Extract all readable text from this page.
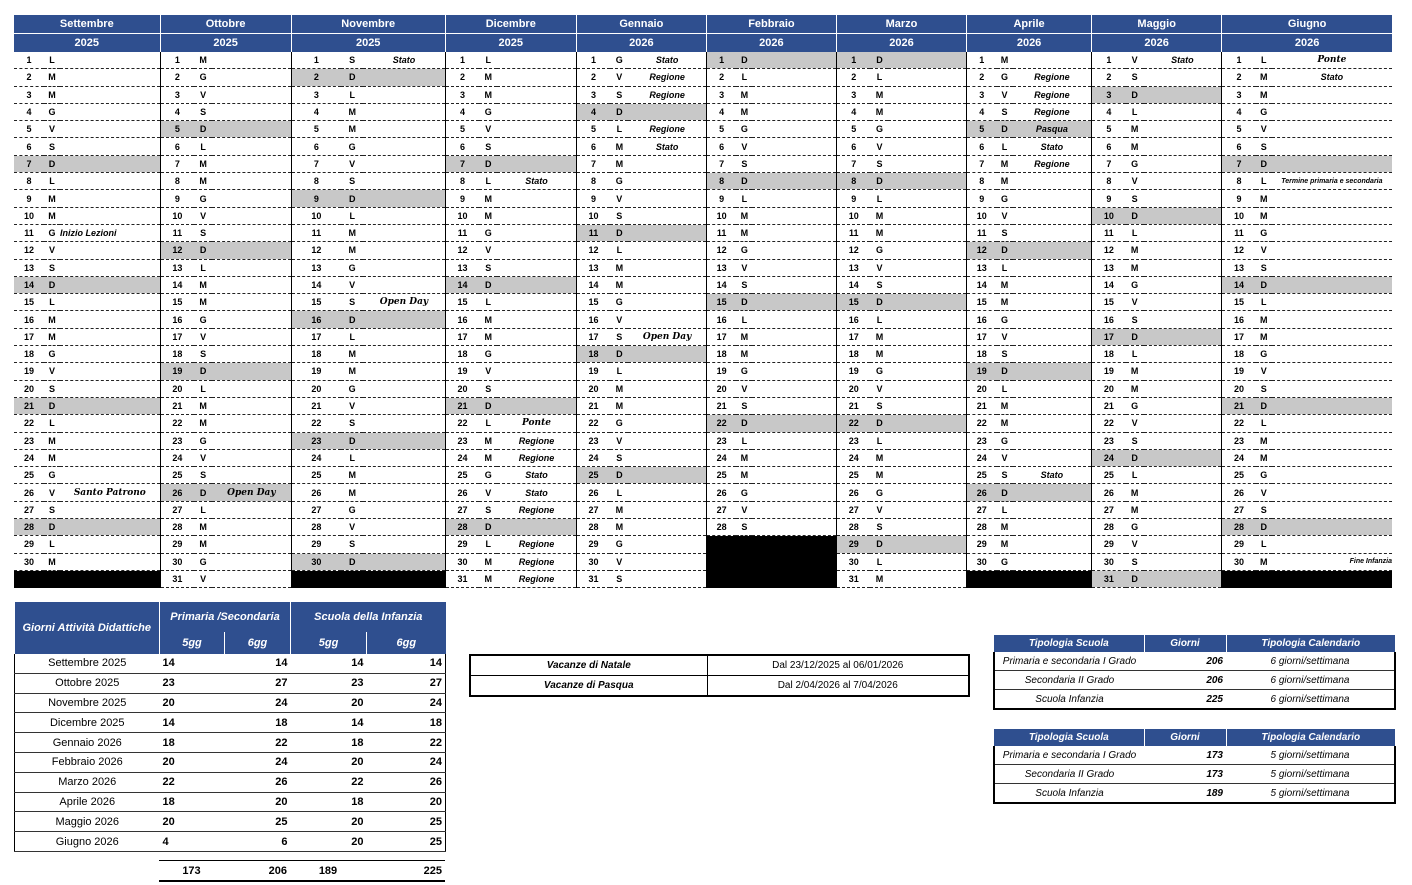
Settembre			Ottobre			Novembre			Dicembre			Gennaio			Febbraio			Marzo			Aprile			Maggio			Giugno		
2025			2025			2025			2025			2026			2026			2026			2026			2026			2026		
1	L		1	M		1	S	Stato	1	L		1	G	Stato	1	D		1	D		1	M		1	V	Stato	1	L	Ponte
2	M		2	G		2	D		2	M		2	V	Regione	2	L		2	L		2	G	Regione	2	S		2	M	Stato
3	M		3	V		3	L		3	M		3	S	Regione	3	M		3	M		3	V	Regione	3	D		3	M	
4	G		4	S		4	M		4	G		4	D		4	M		4	M		4	S	Regione	4	L		4	G	
5	V		5	D		5	M		5	V		5	L	Regione	5	G		5	G		5	D	Pasqua	5	M		5	V	
6	S		6	L		6	G		6	S		6	M	Stato	6	V		6	V		6	L	Stato	6	M		6	S	
7	D		7	M		7	V		7	D		7	M		7	S		7	S		7	M	Regione	7	G		7	D	
8	L		8	M		8	S		8	L	Stato	8	G		8	D		8	D		8	M		8	V		8	L	Termine primaria e secondaria
9	M		9	G		9	D		9	M		9	V		9	L		9	L		9	G		9	S		9	M	
10	M		10	V		10	L		10	M		10	S		10	M		10	M		10	V		10	D		10	M	
11	G	Inizio Lezioni	11	S		11	M		11	G		11	D		11	M		11	M		11	S		11	L		11	G	
12	V		12	D		12	M		12	V		12	L		12	G		12	G		12	D		12	M		12	V	
13	S		13	L		13	G		13	S		13	M		13	V		13	V		13	L		13	M		13	S	
14	D		14	M		14	V		14	D		14	M		14	S		14	S		14	M		14	G		14	D	
15	L		15	M		15	S	Open Day	15	L		15	G		15	D		15	D		15	M		15	V		15	L	
16	M		16	G		16	D		16	M		16	V		16	L		16	L		16	G		16	S		16	M	
17	M		17	V		17	L		17	M		17	S	Open Day	17	M		17	M		17	V		17	D		17	M	
18	G		18	S		18	M		18	G		18	D		18	M		18	M		18	S		18	L		18	G	
19	V		19	D		19	M		19	V		19	L		19	G		19	G		19	D		19	M		19	V	
20	S		20	L		20	G		20	S		20	M		20	V		20	V		20	L		20	M		20	S	
21	D		21	M		21	V		21	D		21	M		21	S		21	S		21	M		21	G		21	D	
22	L		22	M		22	S		22	L	Ponte	22	G		22	D		22	D		22	M		22	V		22	L	
23	M		23	G		23	D		23	M	Regione	23	V		23	L		23	L		23	G		23	S		23	M	
24	M		24	V		24	L		24	M	Regione	24	S		24	M		24	M		24	V		24	D		24	M	
25	G		25	S		25	M		25	G	Stato	25	D		25	M		25	M		25	S	Stato	25	L		25	G	
26	V	Santo Patrono	26	D	Open Day	26	M		26	V	Stato	26	L		26	G		26	G		26	D		26	M		26	V	
27	S		27	L		27	G		27	S	Regione	27	M		27	V		27	V		27	L		27	M		27	S	
28	D		28	M		28	V		28	D		28	M		28	S		28	S		28	M		28	G		28	D	
29	L		29	M		29	S		29	L	Regione	29	G					29	D		29	M		29	V		29	L	
30	M		30	G		30	D		30	M	Regione	30	V					30	L		30	G		30	S		30	M	Fine Infanzia
			31	V					31	M	Regione	31	S					31	M					31	D				
Giorni Attività Didattiche	Primaria /Secondaria		Scuola della Infanzia	
	5gg	6gg	5gg	6gg
Settembre 2025	14	14	14	14
Ottobre 2025	23	27	23	27
Novembre 2025	20	24	20	24
Dicembre 2025	14	18	14	18
Gennaio 2026	18	22	18	22
Febbraio 2026	20	24	20	24
Marzo 2026	22	26	22	26
Aprile 2026	18	20	18	20
Maggio 2026	20	25	20	25
Giugno 2026	4	6	20	25
173	206	189	225
Vacanze di Natale	Dal 23/12/2025 al 06/01/2026
Vacanze di Pasqua	Dal 2/04/2026 al 7/04/2026
Tipologia Scuola	Giorni	Tipologia Calendario
Primaria e secondaria I Grado	206	6 giorni/settimana
Secondaria II Grado	206	6 giorni/settimana
Scuola Infanzia	225	6 giorni/settimana
Tipologia Scuola	Giorni	Tipologia Calendario
Primaria e secondaria I Grado	173	5 giorni/settimana
Secondaria II Grado	173	5 giorni/settimana
Scuola Infanzia	189	5 giorni/settimana
